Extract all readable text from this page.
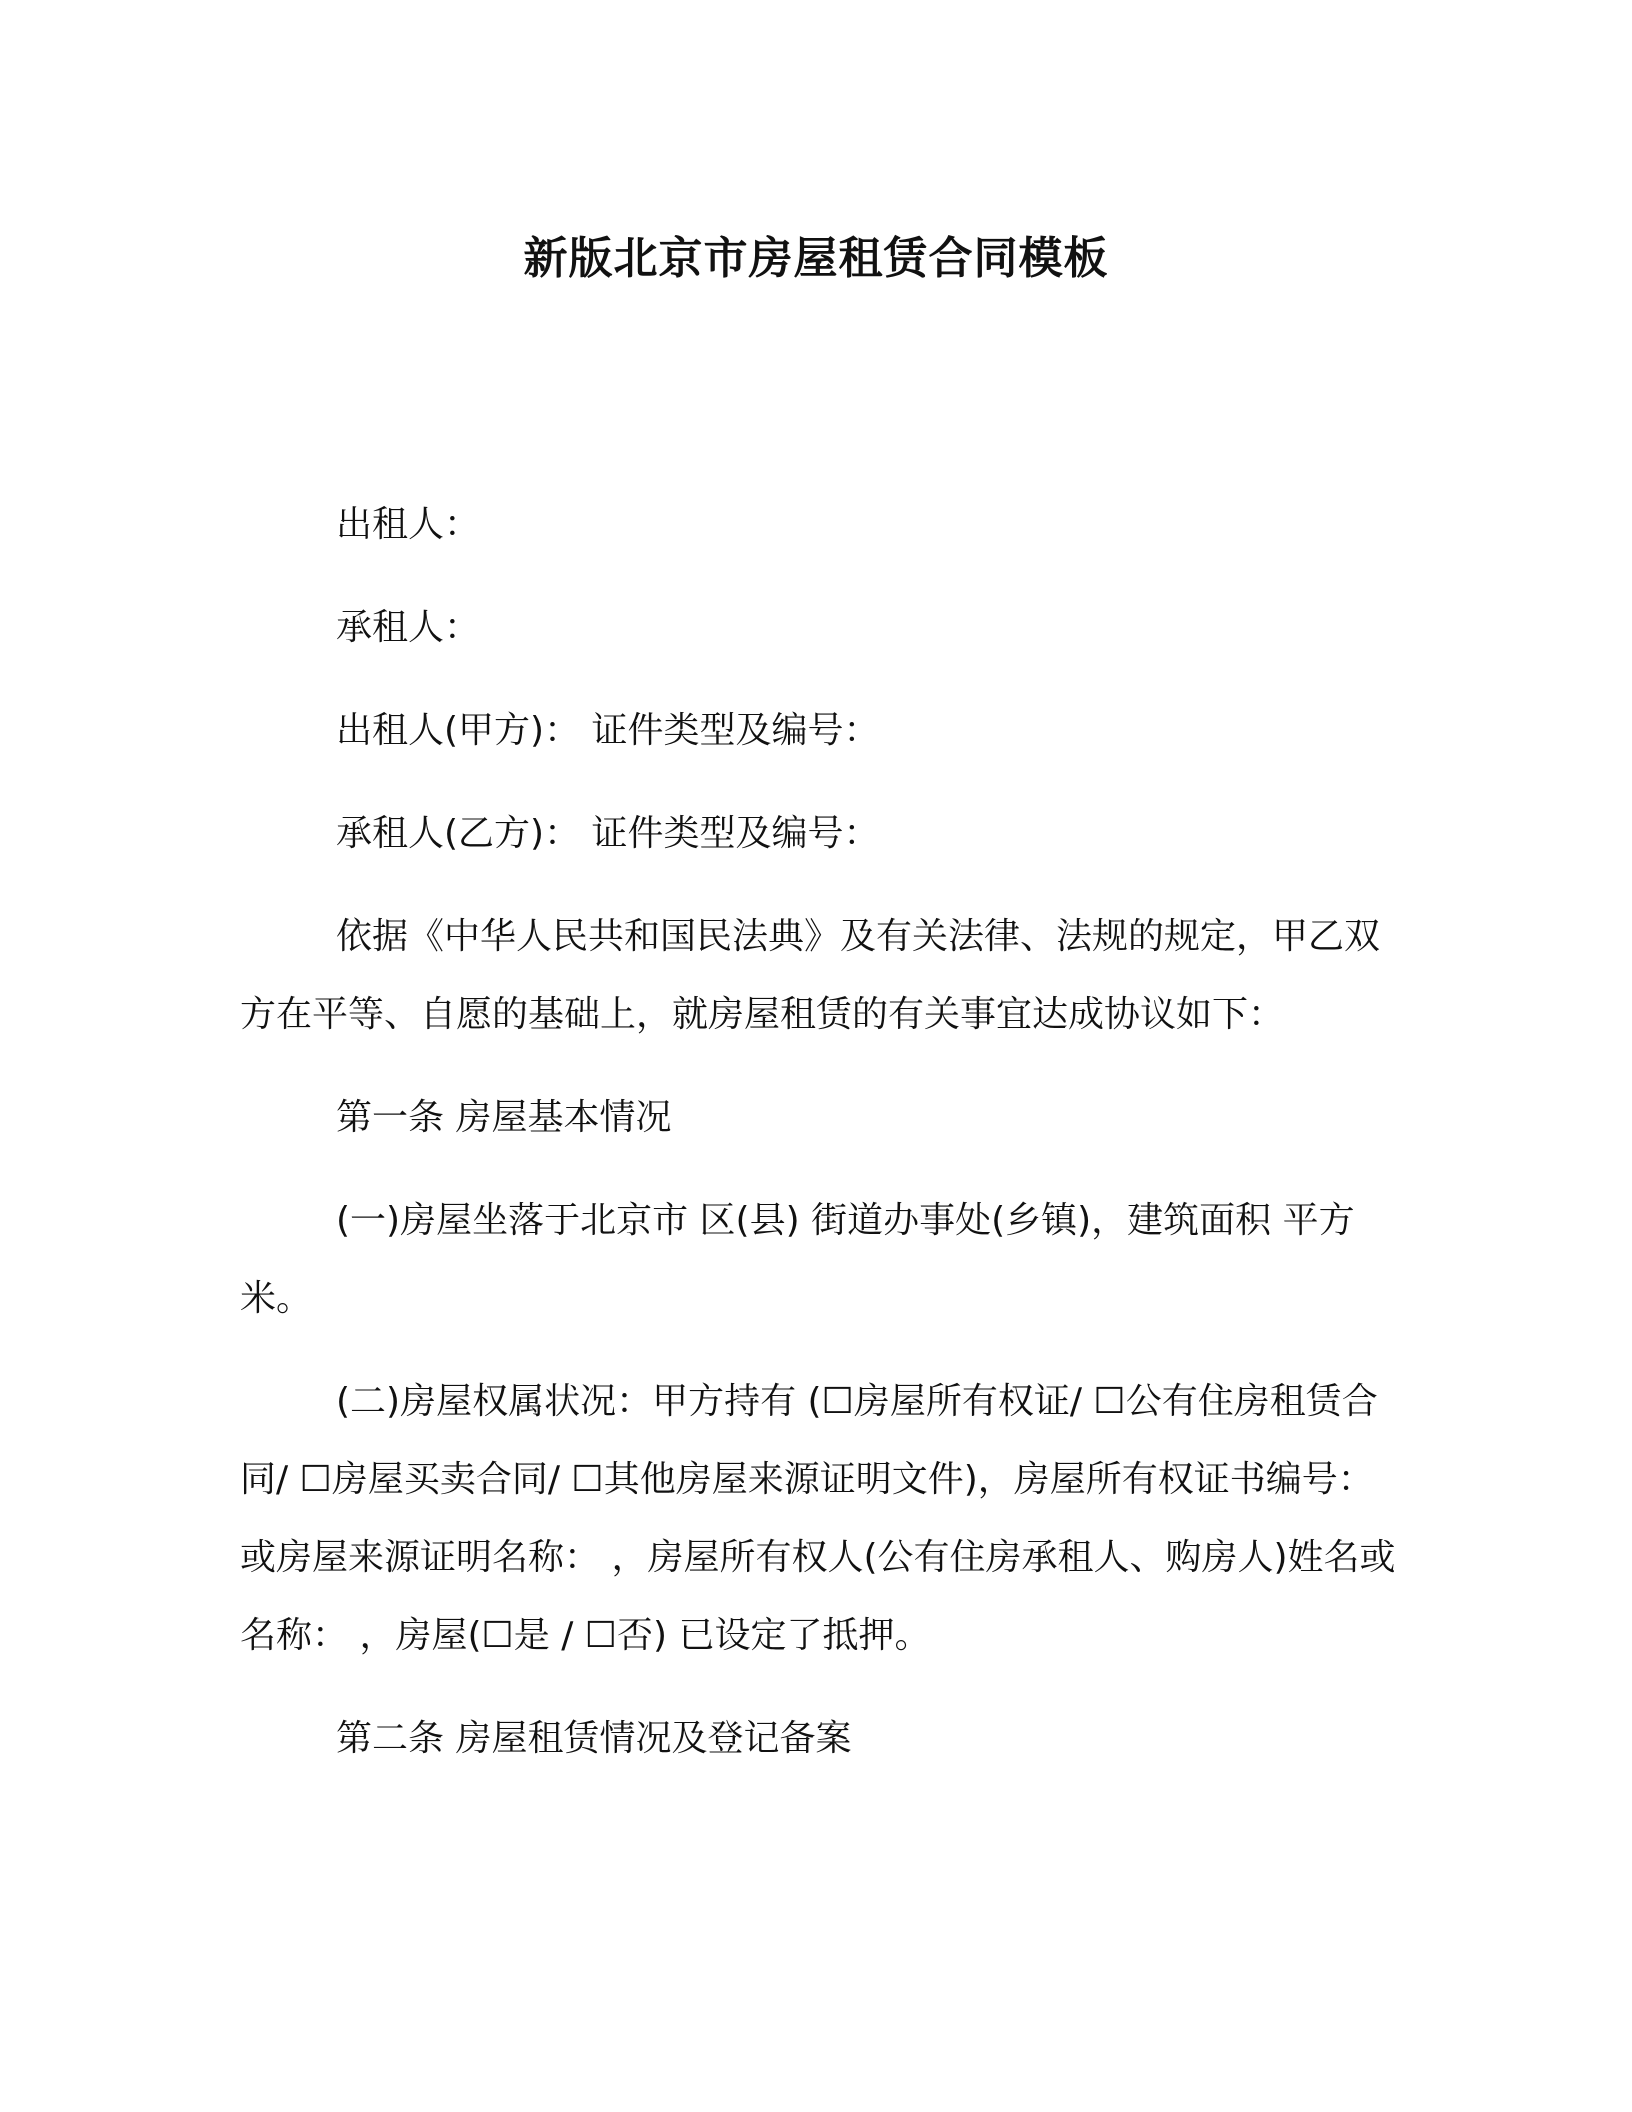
新版北京市房屋租赁合同模板

出租人：

承租人：

出租人(甲方)： 证件类型及编号：

承租人(乙方)： 证件类型及编号：

依据《中华人民共和国民法典》及有关法律、法规的规定，甲乙双方在平等、自愿的基础上，就房屋租赁的有关事宜达成协议如下：

第一条 房屋基本情况

(一)房屋坐落于北京市 区(县) 街道办事处(乡镇)，建筑面积 平方米。

(二)房屋权属状况：甲方持有 (☐房屋所有权证/ ☐公有住房租赁合同/ ☐房屋买卖合同/ ☐其他房屋来源证明文件)，房屋所有权证书编号： 或房屋来源证明名称： ，房屋所有权人(公有住房承租人、购房人)姓名或名称： ，房屋(☐是 / ☐否) 已设定了抵押。

第二条 房屋租赁情况及登记备案
